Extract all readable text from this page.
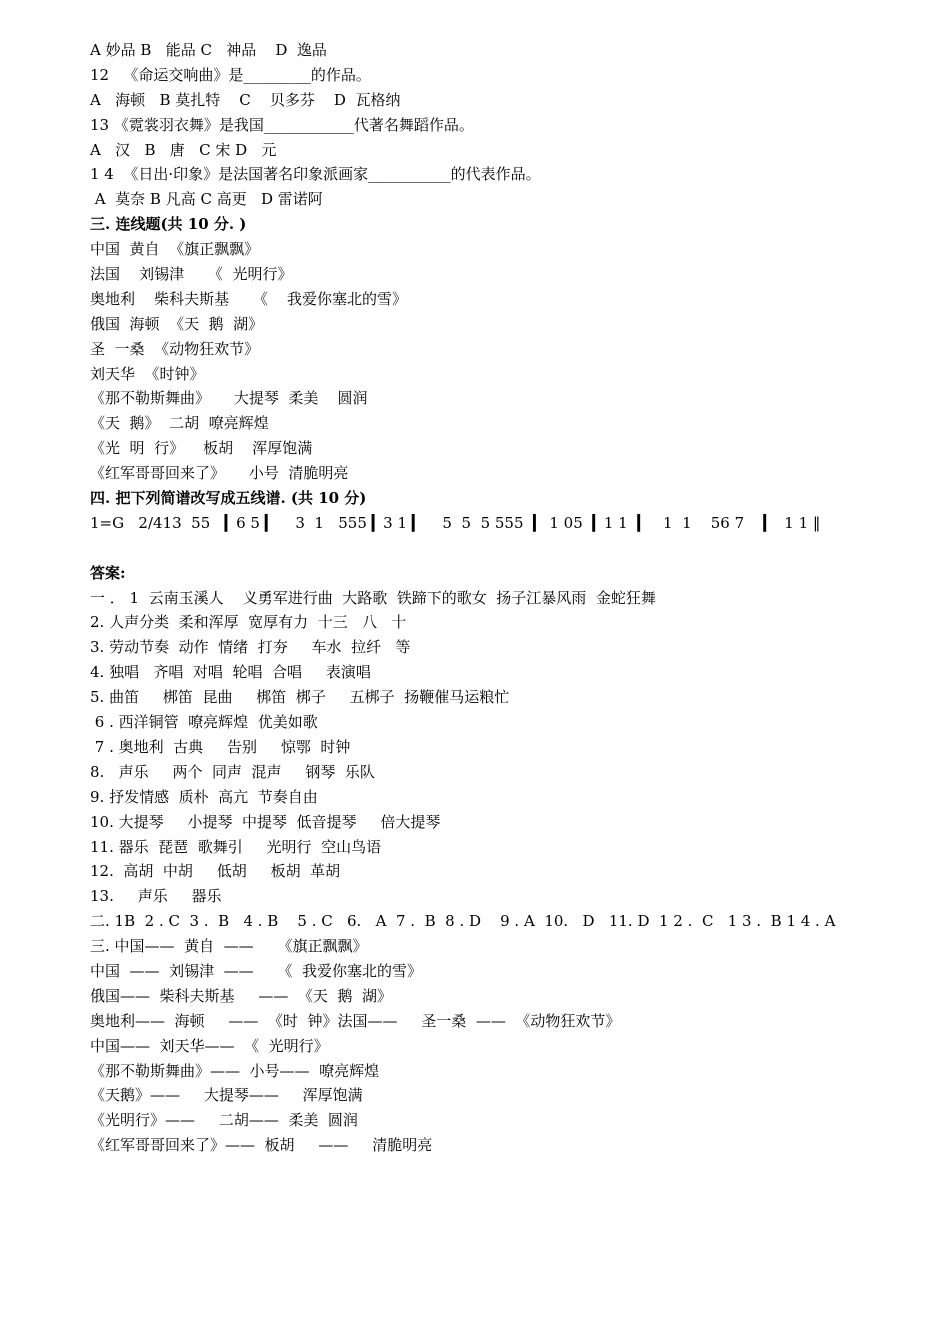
A 妙品 B   能品 C   神品    D  逸品
12   《命运交响曲》是_________的作品。
A   海顿   B 莫扎特    C    贝多芬    D  瓦格纳
13 《霓裳羽衣舞》是我国____________代著名舞蹈作品。
A   汉   B   唐   C 宋 D   元
1 4  《日出·印象》是法国著名印象派画家___________的代表作品。
A  莫奈 B 凡高 C 高更   D 雷诺阿
三. 连线题(共 10 分. )
中国  黄自  《旗正飘飘》
法国    刘锡津     《  光明行》
奥地利    柴科夫斯基     《    我爱你塞北的雪》
俄国  海顿  《天  鹅  湖》
圣  一桑  《动物狂欢节》
刘天华  《时钟》
《那不勒斯舞曲》     大提琴  柔美    圆润
《天  鹅》  二胡  嘹亮辉煌
《光  明  行》    板胡    浑厚饱满
《红军哥哥回来了》     小号  清脆明亮
四. 把下列简谱改写成五线谱. (共 10 分)
1=G   2/413  55   ▎6 5 ▎    3  1   555 ▎3 1 ▎    5  5  5 555  ▎ 1 05  ▎1 1  ▎   1  1    56 7    ▎  1 1 ‖
答案:
一 ． 1  云南玉溪人    义勇军进行曲  大路歌  铁蹄下的歌女  扬子江暴风雨  金蛇狂舞
2. 人声分类  柔和浑厚  宽厚有力  十三   八   十
3. 劳动节奏  动作  情绪  打夯     车水  拉纤   等
4. 独唱   齐唱  对唱  轮唱  合唱     表演唱
5. 曲笛     梆笛  昆曲     梆笛  梆子     五梆子  扬鞭催马运粮忙
6 . 西洋铜管  嘹亮辉煌  优美如歌
7 . 奥地利  古典     告别     惊鄂  时钟
8.   声乐     两个  同声  混声     钢琴  乐队
9. 抒发情感  质朴  高亢  节奏自由
10. 大提琴     小提琴  中提琴  低音提琴     倍大提琴
11. 器乐  琵琶  歌舞引     光明行  空山鸟语
12.  高胡  中胡     低胡     板胡  革胡
13.     声乐     器乐
二. 1B  2 . C  3 .  B   4 . B    5 . C   6.   A  7 .  B  8 . D    9 . A  10.   D   11. D  1 2 .  C   1 3 .  B 1 4 . A
三. 中国——  黄自  ——     《旗正飘飘》
中国  ——  刘锡津  ——     《  我爱你塞北的雪》
俄国——  柴科夫斯基     ——  《天  鹅  湖》
奥地利——  海顿     ——  《时  钟》法国——     圣一桑  ——  《动物狂欢节》
中国——  刘天华——  《  光明行》
《那不勒斯舞曲》——  小号——  嘹亮辉煌
《天鹅》——     大提琴——     浑厚饱满
《光明行》——     二胡——  柔美  圆润
《红军哥哥回来了》——  板胡     ——     清脆明亮
